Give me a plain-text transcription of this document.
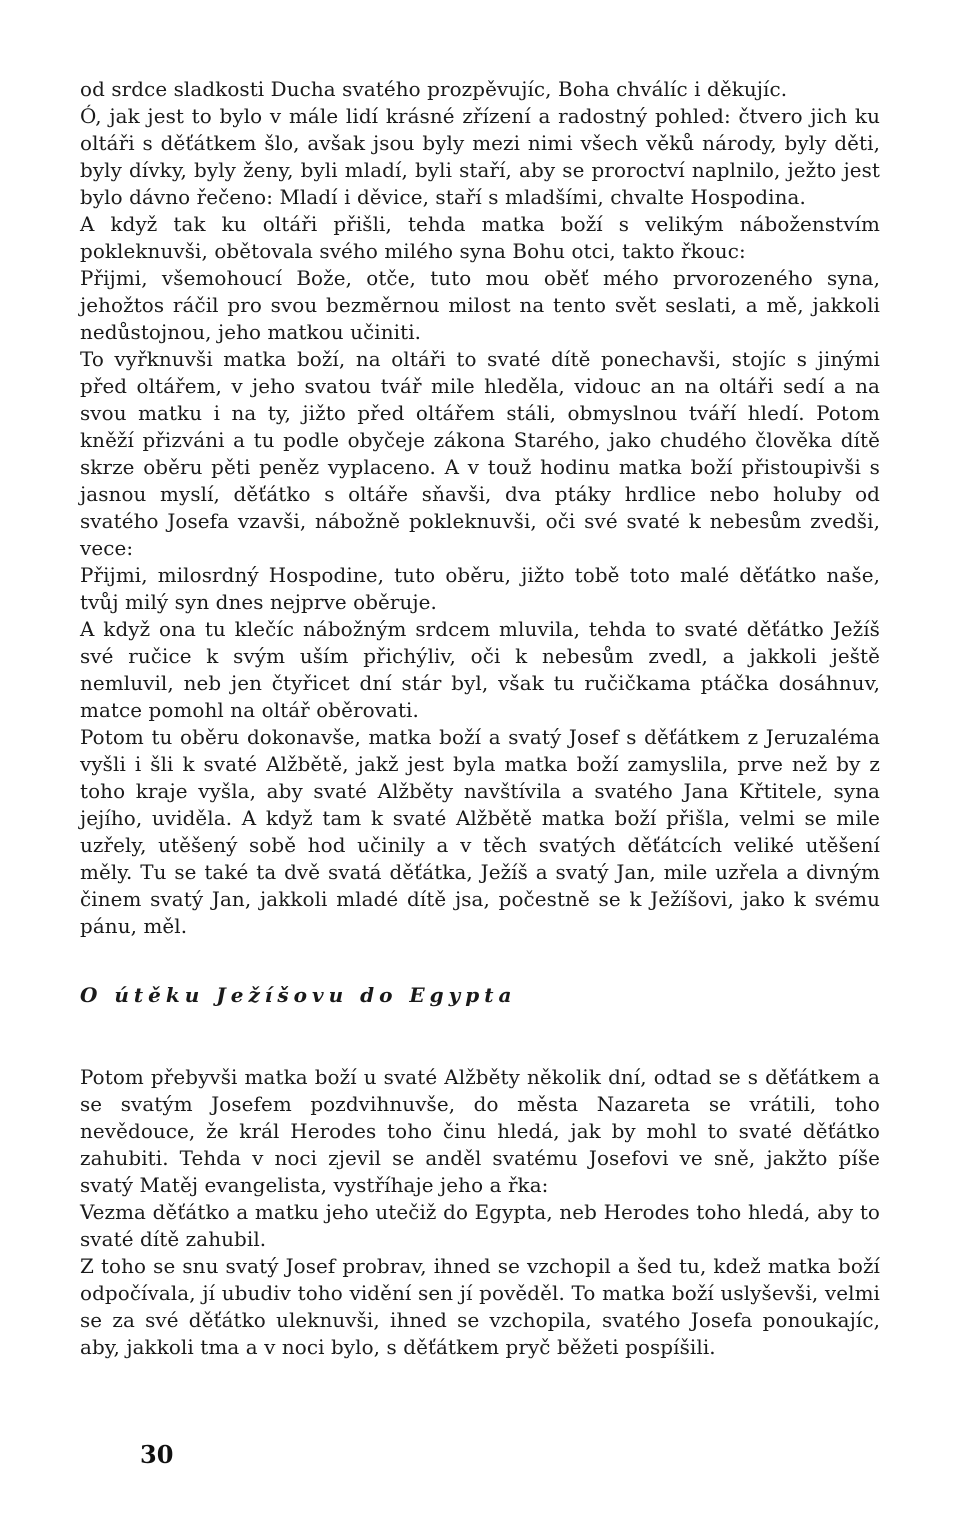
od srdce sladkosti Ducha svatého prozpěvujíc, Boha chválíc i děkujíc.

Ó, jak jest to bylo v mále lidí krásné zřízení a radostný pohled: čtvero jich ku oltáři s děťátkem šlo, avšak jsou byly mezi nimi všech věků národy, byly děti, byly dívky, byly ženy, byli mladí, byli staří, aby se proroctví naplnilo, ježto jest bylo dávno řečeno: Mladí i děvice, staří s mladšími, chvalte Hospodina.

A když tak ku oltáři přišli, tehda matka boží s velikým náboženstvím pokleknuvši, obětovala svého milého syna Bohu otci, takto řkouc:

Přijmi, všemohoucí Bože, otče, tuto mou oběť mého prvorozeného syna, jehožtos ráčil pro svou bezměrnou milost na tento svět seslati, a mě, jakkoli nedůstojnou, jeho matkou učiniti.

To vyřknuvši matka boží, na oltáři to svaté dítě ponechavši, stojíc s jinými před oltářem, v jeho svatou tvář mile hleděla, vidouc an na oltáři sedí a na svou matku i na ty, jižto před oltářem stáli, obmyslnou tváří hledí. Potom kněží přizváni a tu podle obyčeje zákona Starého, jako chudého člověka dítě skrze oběru pěti peněz vyplaceno. A v touž hodinu matka boží přistoupivši s jasnou myslí, děťátko s oltáře sňavši, dva ptáky hrdlice nebo holuby od svatého Josefa vzavši, nábožně pokleknuvši, oči své svaté k nebesům zvedši, vece:

Přijmi, milosrdný Hospodine, tuto oběru, jižto tobě toto malé děťátko naše, tvůj milý syn dnes nejprve oběruje.

A když ona tu klečíc nábožným srdcem mluvila, tehda to svaté děťátko Ježíš své ručice k svým uším přichýliv, oči k nebesům zvedl, a jakkoli ještě nemluvil, neb jen čtyřicet dní stár byl, však tu ručičkama ptáčka dosáhnuv, matce pomohl na oltář oběrovati.

Potom tu oběru dokonavše, matka boží a svatý Josef s děťátkem z Jeruzaléma vyšli i šli k svaté Alžbětě, jakž jest byla matka boží zamyslila, prve než by z toho kraje vyšla, aby svaté Alžběty navštívila a svatého Jana Křtitele, syna jejího, uviděla. A když tam k svaté Alžbětě matka boží přišla, velmi se mile uzřely, utěšený sobě hod učinily a v těch svatých děťátcích veliké utěšení měly. Tu se také ta dvě svatá děťátka, Ježíš a svatý Jan, mile uzřela a divným činem svatý Jan, jakkoli mladé dítě jsa, počestně se k Ježíšovi, jako k svému pánu, měl.

O útěku Ježíšovu do Egypta

Potom přebyvši matka boží u svaté Alžběty několik dní, odtad se s děťátkem a se svatým Josefem pozdvihnuvše, do města Nazareta se vrátili, toho nevědouce, že král Herodes toho činu hledá, jak by mohl to svaté děťátko zahubiti. Tehda v noci zjevil se anděl svatému Josefovi ve sně, jakžto píše svatý Matěj evangelista, vystříhaje jeho a řka:

Vezma děťátko a matku jeho utečiž do Egypta, neb Herodes toho hledá, aby to svaté dítě zahubil.

Z toho se snu svatý Josef probrav, ihned se vzchopil a šed tu, kdež matka boží odpočívala, jí ubudiv toho vidění sen jí pověděl. To matka boží uslyševši, velmi se za své děťátko uleknuvši, ihned se vzchopila, svatého Josefa ponoukajíc, aby, jakkoli tma a v noci bylo, s děťátkem pryč běžeti pospíšili.

30
